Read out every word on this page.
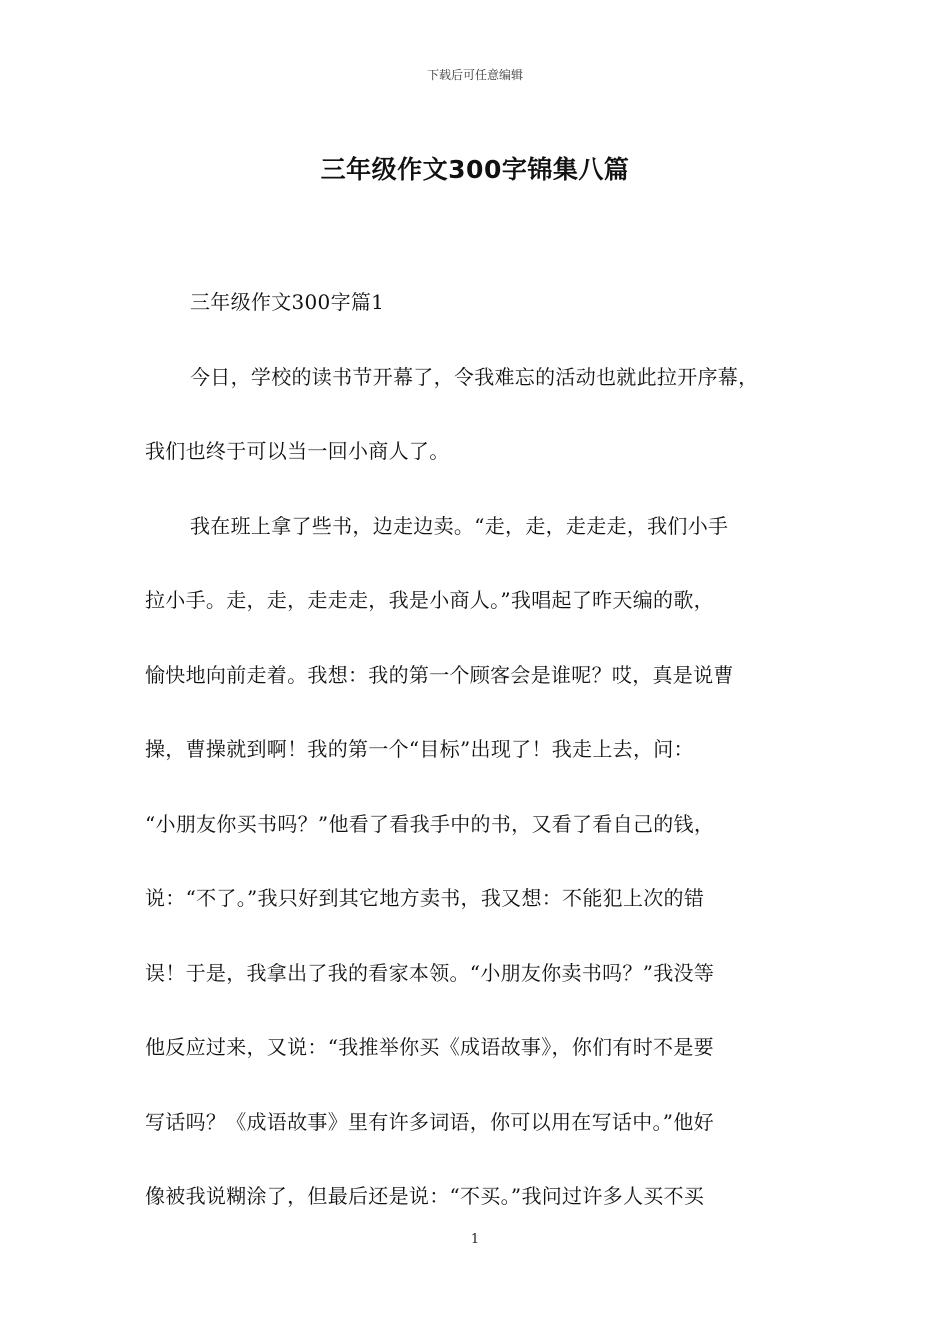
下载后可任意编辑
三年级作文300字锦集八篇
三年级作文300字篇1
今日，学校的读书节开幕了，令我难忘的活动也就此拉开序幕，
我们也终于可以当一回小商人了。
我在班上拿了些书，边走边卖。“走，走，走走走，我们小手
拉小手。走，走，走走走，我是小商人。”我唱起了昨天编的歌，
愉快地向前走着。我想：我的第一个顾客会是谁呢？哎，真是说曹
操，曹操就到啊！我的第一个“目标”出现了！我走上去，问：
“小朋友你买书吗？”他看了看我手中的书，又看了看自己的钱，
说：“不了。”我只好到其它地方卖书，我又想：不能犯上次的错
误！于是，我拿出了我的看家本领。“小朋友你卖书吗？”我没等
他反应过来，又说：“我推举你买《成语故事》，你们有时不是要
写话吗？《成语故事》里有许多词语，你可以用在写话中。”他好
像被我说糊涂了，但最后还是说：“不买。”我问过许多人买不买
1
